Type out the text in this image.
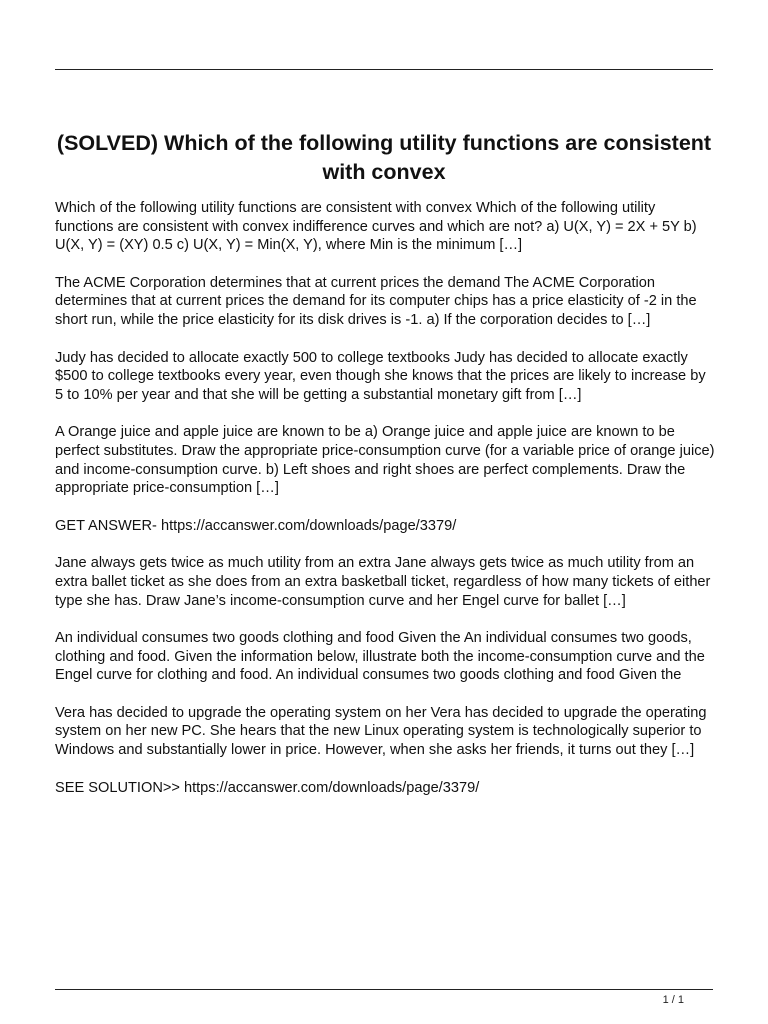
(SOLVED) Which of the following utility functions are consistent with convex

Which of the following utility functions are consistent with convex Which of the following utility functions are consistent with convex indifference curves and which are not? a) U(X, Y) = 2X + 5Y b) U(X, Y) = (XY) 0.5 c) U(X, Y) = Min(X, Y), where Min is the minimum […]

The ACME Corporation determines that at current prices the demand The ACME Corporation determines that at current prices the demand for its computer chips has a price elasticity of -2 in the short run, while the price elasticity for its disk drives is -1. a) If the corporation decides to […]

Judy has decided to allocate exactly 500 to college textbooks Judy has decided to allocate exactly $500 to college textbooks every year, even though she knows that the prices are likely to increase by 5 to 10% per year and that she will be getting a substantial monetary gift from […]

A Orange juice and apple juice are known to be a) Orange juice and apple juice are known to be perfect substitutes. Draw the appropriate price-consumption curve (for a variable price of orange juice) and income-consumption curve. b) Left shoes and right shoes are perfect complements. Draw the appropriate price-consumption […]

GET ANSWER- https://accanswer.com/downloads/page/3379/

Jane always gets twice as much utility from an extra Jane always gets twice as much utility from an extra ballet ticket as she does from an extra basketball ticket, regardless of how many tickets of either type she has. Draw Jane’s income-consumption curve and her Engel curve for ballet […]

An individual consumes two goods clothing and food Given the An individual consumes two goods, clothing and food. Given the information below, illustrate both the income-consumption curve and the Engel curve for clothing and food. An individual consumes two goods clothing and food Given the

Vera has decided to upgrade the operating system on her Vera has decided to upgrade the operating system on her new PC. She hears that the new Linux operating system is technologically superior to Windows and substantially lower in price. However, when she asks her friends, it turns out they […]

SEE SOLUTION>> https://accanswer.com/downloads/page/3379/

1 / 1
